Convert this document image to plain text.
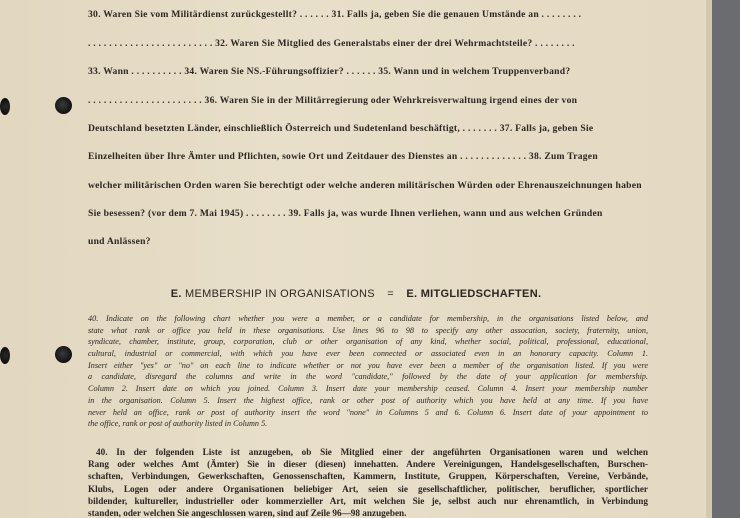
30. Waren Sie vom Militärdienst zurückgestellt? . . . . . . 31. Falls ja, geben Sie die genauen Umstände an . . . . . . . .
. . . . . . . . . . . . . . . . . . . . . . . . 32. Waren Sie Mitglied des Generalstabs einer der drei Wehrmachtsteile? . . . . . . . .
33. Wann . . . . . . . . . . 34. Waren Sie NS.-Führungsoffizier? . . . . . . 35. Wann und in welchem Truppenverband?
. . . . . . . . . . . . . . . . . . . . . . 36. Waren Sie in der Militärregierung oder Wehrkreisverwaltung irgend eines der von
Deutschland besetzten Länder, einschließlich Österreich und Sudetenland beschäftigt, . . . . . . . 37. Falls ja, geben Sie
Einzelheiten über Ihre Ämter und Pflichten, sowie Ort und Zeitdauer des Dienstes an . . . . . . . . . . . . . 38. Zum Tragen
welcher militärischen Orden waren Sie berechtigt oder welche anderen militärischen Würden oder Ehrenauszeichnungen haben
Sie besessen? (vor dem 7. Mai 1945) . . . . . . . . 39. Falls ja, was wurde Ihnen verliehen, wann und aus welchen Gründen
und Anlässen?
E. MEMBERSHIP IN ORGANISATIONS = E. MITGLIEDSCHAFTEN.
40. Indicate on the following chart whether you were a member, or a candidate for membership, in the organisations listed below, and
state what rank or office you held in these organisations. Use lines 96 to 98 to specify any other assocation, society, fraternity, union,
syndicate, chamber, institute, group, corporation, club or other organisation of any kind, whether social, political, professional, educational,
cultural, industrial or commercial, with which you have ever been connected or associated even in an honorary capacity. Column 1.
Insert either "yes" or "no" on each line to indicate whether or not you have ever been a member of the organisation listed. If you were
a candidate, disregard the columns and write in the word "candidate," followed by the date of your application for membership.
Column 2. Insert date on which you joined. Column 3. Insert date your membership ceased. Column 4. Insert your membership number
in the organisation. Column 5. Insert the highest office, rank or other post of authority which you have held at any time. If you have
never held an office, rank or post of authority insert the word "none" in Columns 5 and 6. Column 6. Insert date of your appointment to
the office, rank or post of authority listed in Column 5.
40. In der folgenden Liste ist anzugeben, ob Sie Mitglied einer der angeführten Organisationen waren und welchen
Rang oder welches Amt (Ämter) Sie in dieser (diesen) innehatten. Andere Vereinigungen, Handelsgesellschaften, Burschen-
schaften, Verbindungen, Gewerkschaften, Genossenschaften, Kammern, Institute, Gruppen, Körperschaften, Vereine, Verbände,
Klubs, Logen oder andere Organisationen beliebiger Art, seien sie gesellschaftlicher, politischer, beruflicher, sportlicher
bildender, kultureller, industrieller oder kommerzieller Art, mit welchen Sie je, selbst auch nur ehrenamtlich, in Verbindung
standen, oder welchen Sie angeschlossen waren, sind auf Zeile 96—98 anzugeben.
